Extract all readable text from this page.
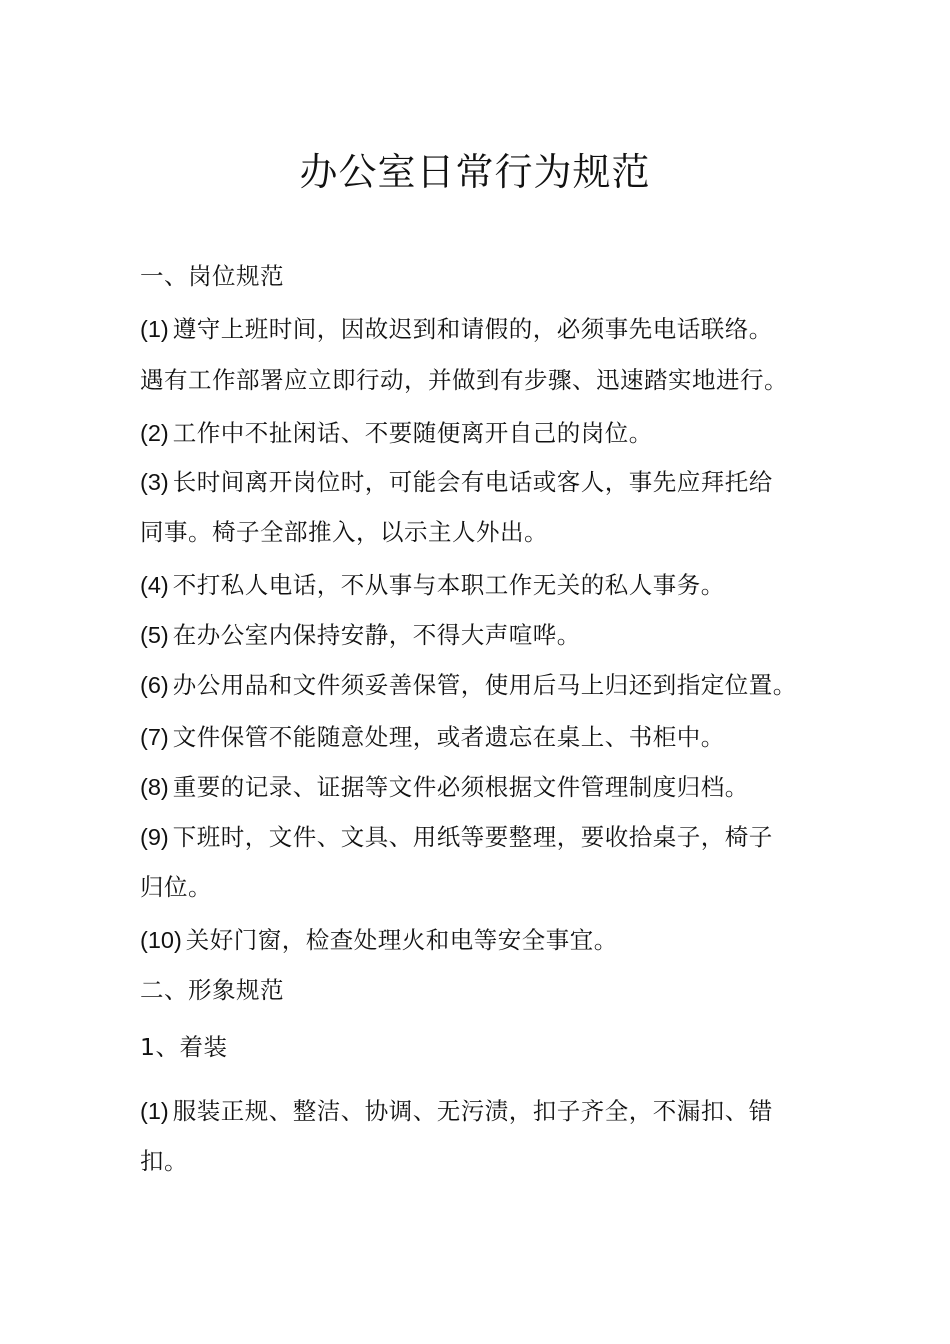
办公室日常行为规范

一、岗位规范

(1) 遵守上班时间，因故迟到和请假的，必须事先电话联络。

遇有工作部署应立即行动，并做到有步骤、迅速踏实地进行。

(2) 工作中不扯闲话、不要随便离开自己的岗位。

(3) 长时间离开岗位时，可能会有电话或客人，事先应拜托给

同事。椅子全部推入，以示主人外出。

(4) 不打私人电话，不从事与本职工作无关的私人事务。

(5) 在办公室内保持安静，不得大声喧哗。

(6) 办公用品和文件须妥善保管，使用后马上归还到指定位置。

(7) 文件保管不能随意处理，或者遗忘在桌上、书柜中。

(8) 重要的记录、证据等文件必须根据文件管理制度归档。

(9) 下班时，文件、文具、用纸等要整理，要收拾桌子，椅子

归位。

(10) 关好门窗，检查处理火和电等安全事宜。

二、形象规范

1、着装

(1) 服装正规、整洁、协调、无污渍，扣子齐全，不漏扣、错

扣。
